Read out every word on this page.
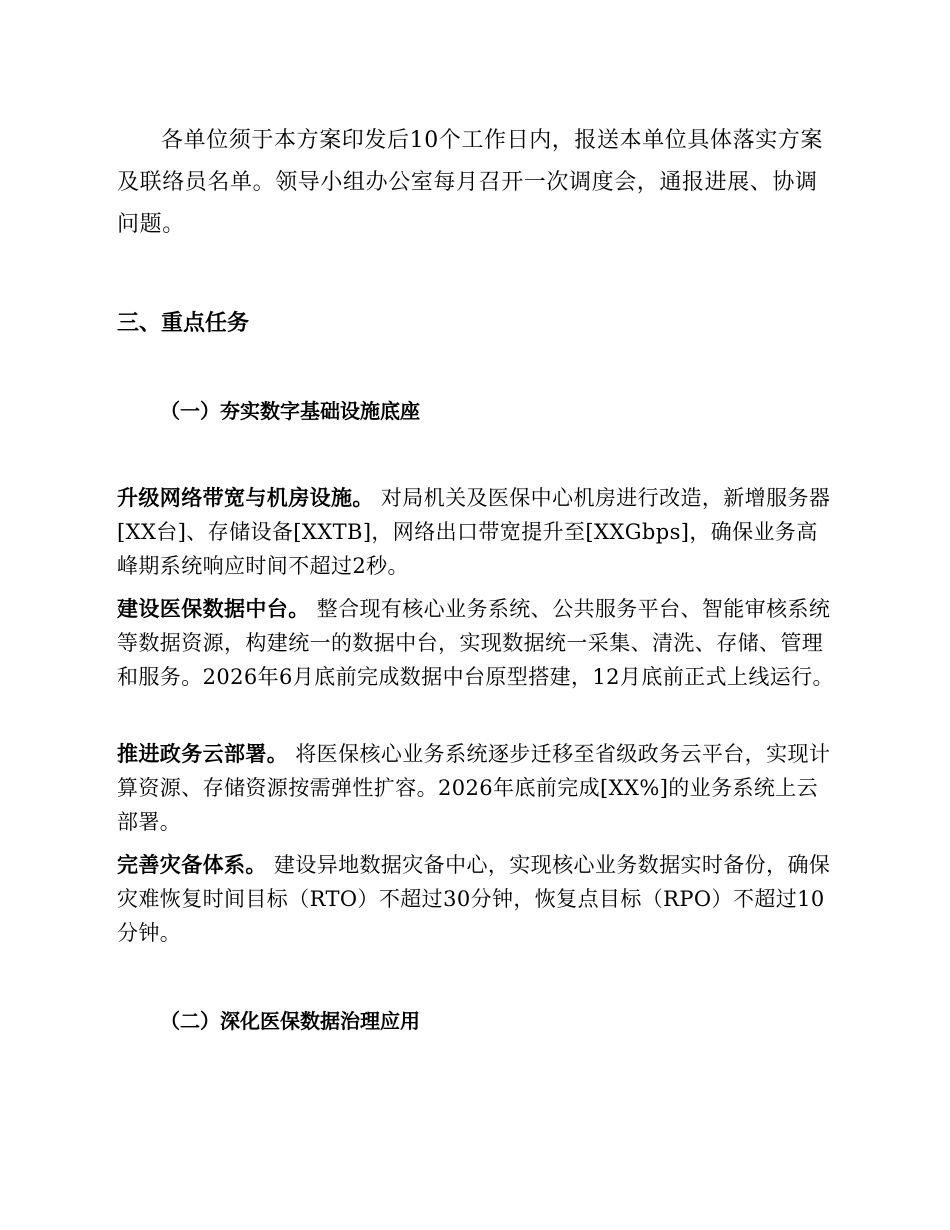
各单位须于本方案印发后10个工作日内，报送本单位具体落实方案及联络员名单。领导小组办公室每月召开一次调度会，通报进展、协调问题。

三、重点任务
（一）夯实数字基础设施底座

升级网络带宽与机房设施。 对局机关及医保中心机房进行改造，新增服务器[XX台]、存储设备[XXTB]，网络出口带宽提升至[XXGbps]，确保业务高峰期系统响应时间不超过2秒。

建设医保数据中台。 整合现有核心业务系统、公共服务平台、智能审核系统等数据资源，构建统一的数据中台，实现数据统一采集、清洗、存储、管理和服务。2026年6月底前完成数据中台原型搭建，12月底前正式上线运行。

推进政务云部署。 将医保核心业务系统逐步迁移至省级政务云平台，实现计算资源、存储资源按需弹性扩容。2026年底前完成[XX%]的业务系统上云部署。

完善灾备体系。 建设异地数据灾备中心，实现核心业务数据实时备份，确保灾难恢复时间目标（RTO）不超过30分钟，恢复点目标（RPO）不超过10分钟。

（二）深化医保数据治理应用
